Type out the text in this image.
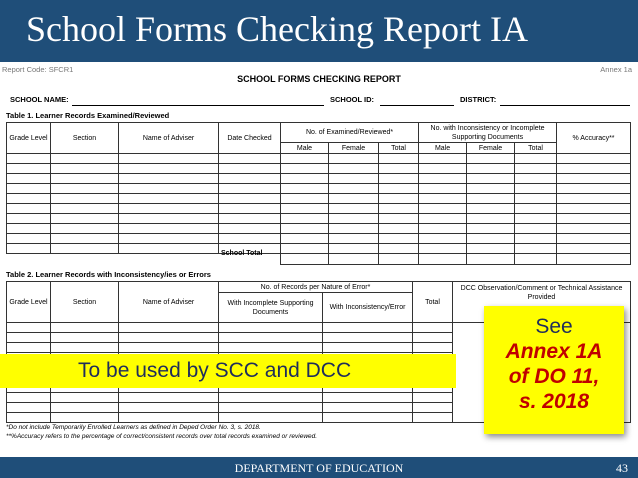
School Forms Checking Report IA
Report Code: SFCR1	Annex 1a
SCHOOL FORMS CHECKING REPORT
SCHOOL NAME:	SCHOOL ID:	DISTRICT:
Table 1. Learner Records Examined/Reviewed
Grade Level	Section	Name of Adviser	Date Checked	No. of Examined/Reviewed*			No. with Inconsistency or Incomplete Supporting Documents			% Accuracy**
				Male	Female	Total	Male	Female	Total	

School Total
Table 2. Learner Records with Inconsistency/ies or Errors
Grade Level	Section	Name of Adviser	No. of Records per Nature of Error*		Total	DCC Observation/Comment or Technical Assistance Provided
			With Incomplete Supporting Documents	With Inconsistency/Error		

*Do not include Temporarily Enrolled Learners as defined in Deped Order No. 3, s. 2018.
**%Accuracy refers to the percentage of correct/consistent records over total records examined or reviewed.
To be used by SCC and DCC
See
Annex 1A
of DO 11,
s. 2018
DEPARTMENT OF EDUCATION	43
